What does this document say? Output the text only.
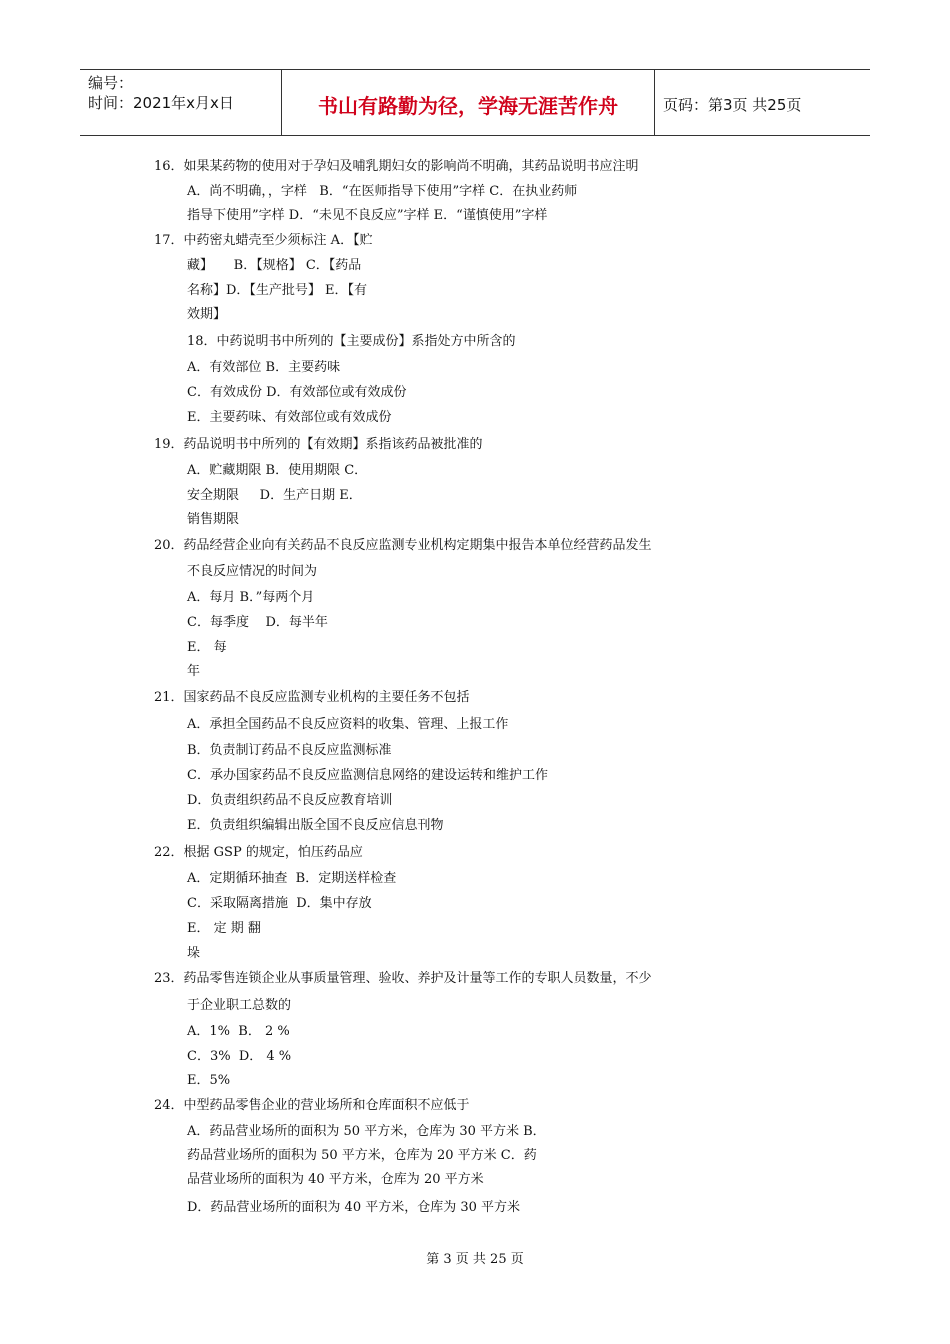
编号：
时间：2021年x月x日	书山有路勤为径，学海无涯苦作舟	页码：第3页 共25页
16．如果某药物的使用对于孕妇及哺乳期妇女的影响尚不明确，其药品说明书应注明
A．尚不明确，，字样   B．“在医师指导下使用”字样 C．在执业药师
指导下使用”字样 D．“未见不良反应”字样 E．“谨慎使用”字样
17．中药密丸蜡壳至少须标注 A．【贮
藏】     B．【规格】 C．【药品
名称】D．【生产批号】 E．【有
效期】
18．中药说明书中所列的【主要成份】系指处方中所含的
A．有效部位 B．主要药味
C．有效成份 D．有效部位或有效成份
E．主要药味、有效部位或有效成份
19．药品说明书中所列的【有效期】系指该药品被批准的
A．贮藏期限 B．使用期限 C．
安全期限     D．生产日期 E．
销售期限
20．药品经营企业向有关药品不良反应监测专业机构定期集中报告本单位经营药品发生
不良反应情况的时间为
A．每月 B．”每两个月
C．每季度    D．每半年
E． 每
年
21．国家药品不良反应监测专业机构的主要任务不包括
A．承担全国药品不良反应资料的收集、管理、上报工作
B．负责制订药品不良反应监测标准
C．承办国家药品不良反应监测信息网络的建设运转和维护工作
D．负责组织药品不良反应教育培训
E．负责组织编辑出版全国不良反应信息刊物
22．根据 GSP 的规定，怕压药品应
A．定期循环抽查  B．定期送样检查
C．采取隔离措施  D．集中存放
E． 定 期 翻
垛
23．药品零售连锁企业从事质量管理、验收、养护及计量等工作的专职人员数量，不少
于企业职工总数的
A．1%  B． 2 %
C．3%  D． 4 %
E．5%
24．中型药品零售企业的营业场所和仓库面积不应低于
A．药品营业场所的面积为 50 平方米，仓库为 30 平方米 B．
药品营业场所的面积为 50 平方米，仓库为 20 平方米 C．药
品营业场所的面积为 40 平方米，仓库为 20 平方米
D．药品营业场所的面积为 40 平方米，仓库为 30 平方米
第 3 页 共 25 页
